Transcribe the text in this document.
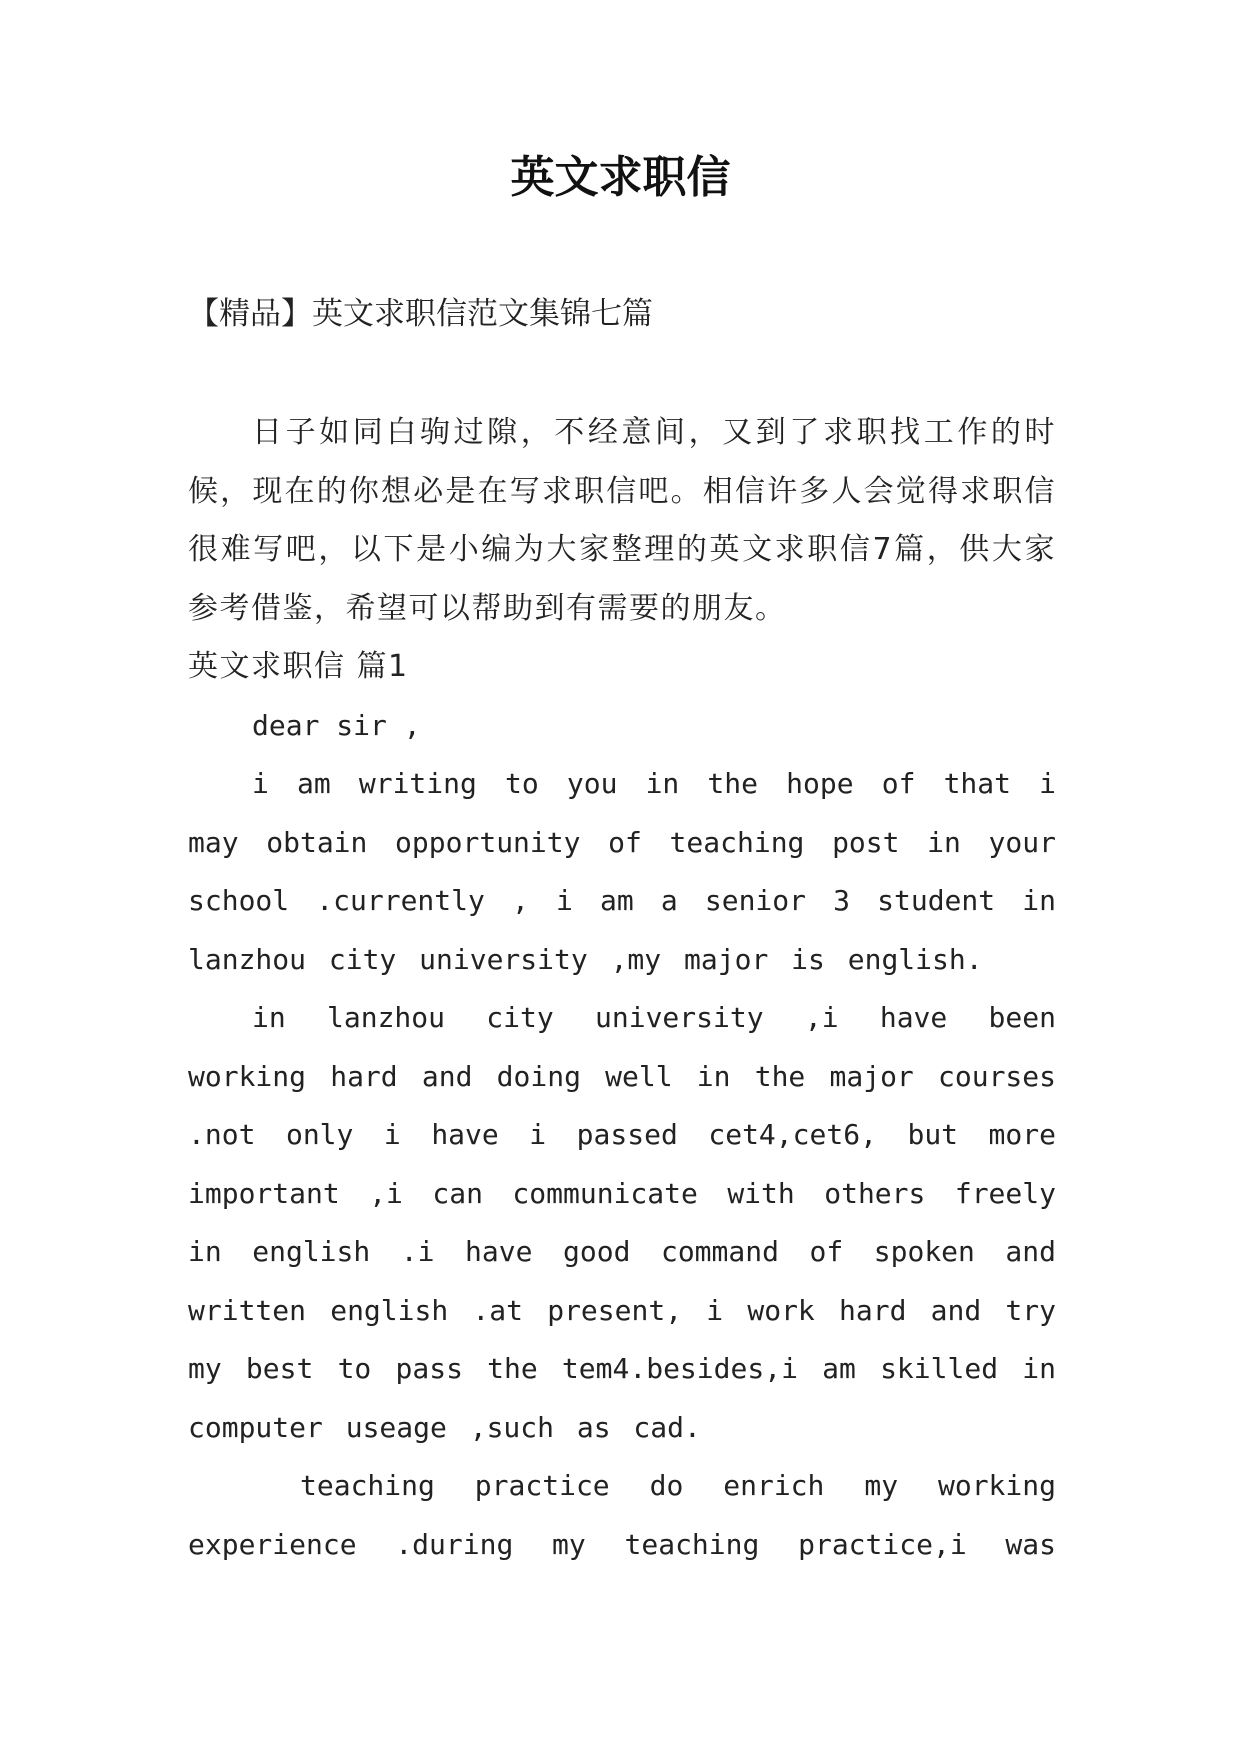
英文求职信
【精品】英文求职信范文集锦七篇

日子如同白驹过隙，不经意间，又到了求职找工作的时候，现在的你想必是在写求职信吧。相信许多人会觉得求职信很难写吧，以下是小编为大家整理的英文求职信7篇，供大家参考借鉴，希望可以帮助到有需要的朋友。

英文求职信 篇1

dear sir ,

i am writing to you in the hope of that i may obtain opportunity of teaching post in your school .currently , i am a senior 3 student in lanzhou city university ,my major is english.

in lanzhou city university ,i have been working hard and doing well in the major courses .not only i have i passed cet4,cet6, but more important ,i can communicate with others freely in english .i have good command of spoken and written english .at present, i work hard and try my best to pass the tem4.besides,i am skilled in computer useage ,such as cad.

teaching practice do enrich my working experience .during my teaching practice,i was
